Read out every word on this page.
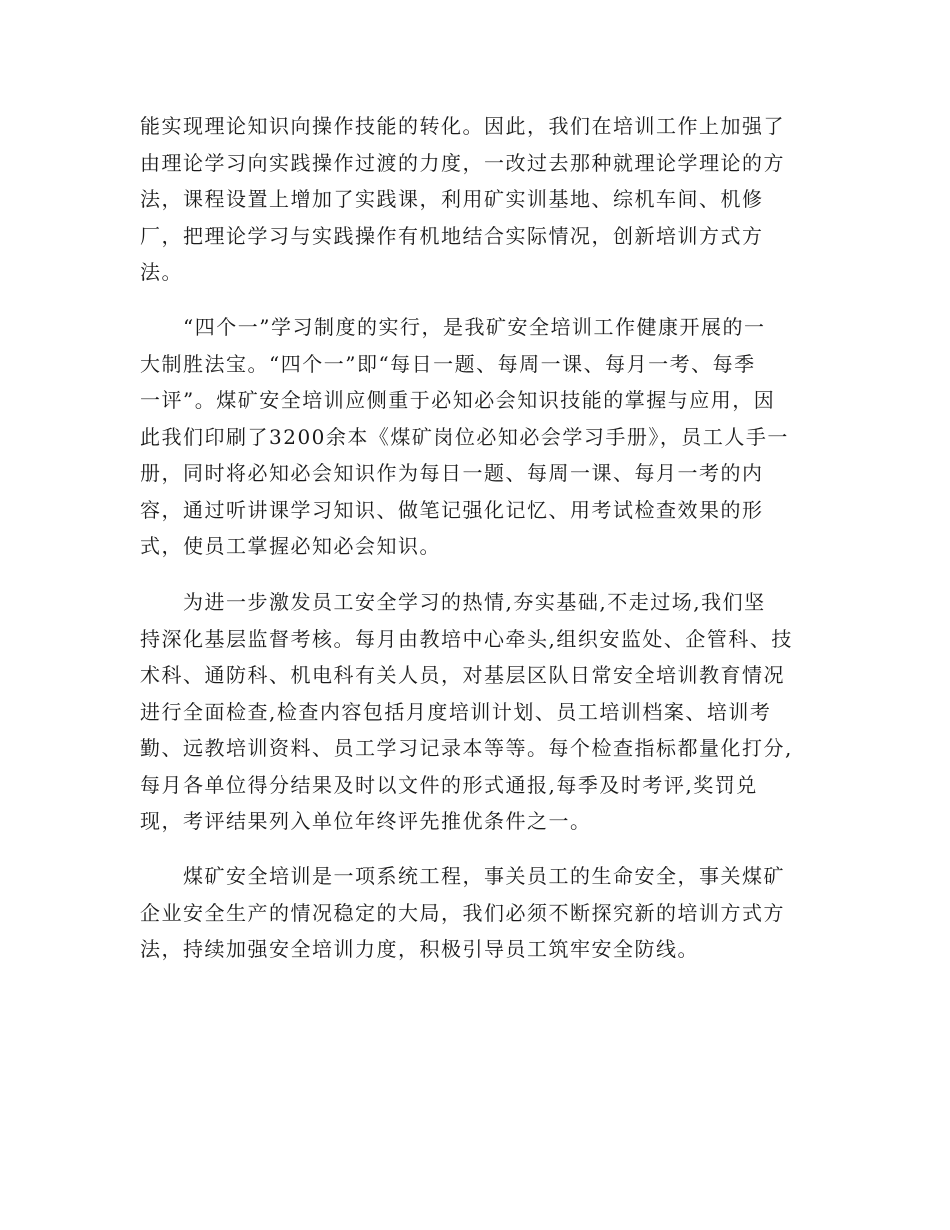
能实现理论知识向操作技能的转化。因此，我们在培训工作上加强了
由理论学习向实践操作过渡的力度，一改过去那种就理论学理论的方
法，课程设置上增加了实践课，利用矿实训基地、综机车间、机修
厂，把理论学习与实践操作有机地结合实际情况，创新培训方式方
法。
　　“四个一”学习制度的实行，是我矿安全培训工作健康开展的一
大制胜法宝。“四个一”即“每日一题、每周一课、每月一考、每季
一评”。煤矿安全培训应侧重于必知必会知识技能的掌握与应用，因
此我们印刷了3200余本《煤矿岗位必知必会学习手册》，员工人手一
册，同时将必知必会知识作为每日一题、每周一课、每月一考的内
容，通过听讲课学习知识、做笔记强化记忆、用考试检查效果的形
式，使员工掌握必知必会知识。
　　为进一步激发员工安全学习的热情,夯实基础,不走过场,我们坚
持深化基层监督考核。每月由教培中心牵头,组织安监处、企管科、技
术科、通防科、机电科有关人员，对基层区队日常安全培训教育情况
进行全面检查,检查内容包括月度培训计划、员工培训档案、培训考
勤、远教培训资料、员工学习记录本等等。每个检查指标都量化打分,
每月各单位得分结果及时以文件的形式通报,每季及时考评,奖罚兑
现，考评结果列入单位年终评先推优条件之一。
　　煤矿安全培训是一项系统工程，事关员工的生命安全，事关煤矿
企业安全生产的情况稳定的大局，我们必须不断探究新的培训方式方
法，持续加强安全培训力度，积极引导员工筑牢安全防线。
